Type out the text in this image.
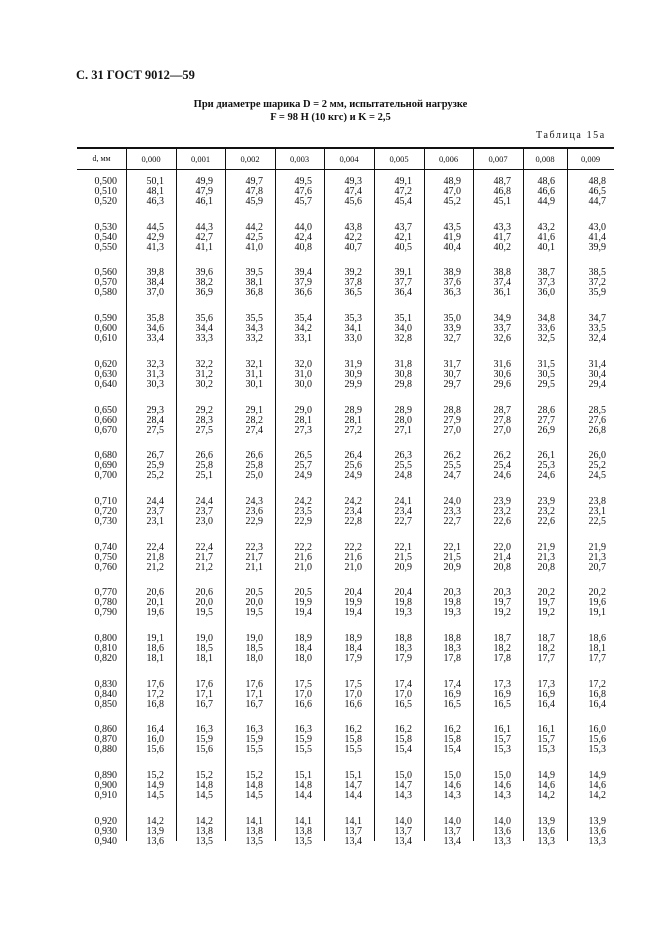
С. 31 ГОСТ 9012—59
При диаметре шарика D = 2 мм, испытательной нагрузке
F = 98 Н (10 кгс) и K = 2,5
Таблица 15а
d, мм	0,000	0,001	0,002	0,003	0,004	0,005	0,006	0,007	0,008	0,009
0,500	50,1	49,9	49,7	49,5	49,3	49,1	48,9	48,7	48,6	48,8
0,510	48,1	47,9	47,8	47,6	47,4	47,2	47,0	46,8	46,6	46,5
0,520	46,3	46,1	45,9	45,7	45,6	45,4	45,2	45,1	44,9	44,7
0,530	44,5	44,3	44,2	44,0	43,8	43,7	43,5	43,3	43,2	43,0
0,540	42,9	42,7	42,5	42,4	42,2	42,1	41,9	41,7	41,6	41,4
0,550	41,3	41,1	41,0	40,8	40,7	40,5	40,4	40,2	40,1	39,9
0,560	39,8	39,6	39,5	39,4	39,2	39,1	38,9	38,8	38,7	38,5
0,570	38,4	38,2	38,1	37,9	37,8	37,7	37,6	37,4	37,3	37,2
0,580	37,0	36,9	36,8	36,6	36,5	36,4	36,3	36,1	36,0	35,9
0,590	35,8	35,6	35,5	35,4	35,3	35,1	35,0	34,9	34,8	34,7
0,600	34,6	34,4	34,3	34,2	34,1	34,0	33,9	33,7	33,6	33,5
0,610	33,4	33,3	33,2	33,1	33,0	32,8	32,7	32,6	32,5	32,4
0,620	32,3	32,2	32,1	32,0	31,9	31,8	31,7	31,6	31,5	31,4
0,630	31,3	31,2	31,1	31,0	30,9	30,8	30,7	30,6	30,5	30,4
0,640	30,3	30,2	30,1	30,0	29,9	29,8	29,7	29,6	29,5	29,4
0,650	29,3	29,2	29,1	29,0	28,9	28,9	28,8	28,7	28,6	28,5
0,660	28,4	28,3	28,2	28,1	28,1	28,0	27,9	27,8	27,7	27,6
0,670	27,5	27,5	27,4	27,3	27,2	27,1	27,0	27,0	26,9	26,8
0,680	26,7	26,6	26,6	26,5	26,4	26,3	26,2	26,2	26,1	26,0
0,690	25,9	25,8	25,8	25,7	25,6	25,5	25,5	25,4	25,3	25,2
0,700	25,2	25,1	25,0	24,9	24,9	24,8	24,7	24,6	24,6	24,5
0,710	24,4	24,4	24,3	24,2	24,2	24,1	24,0	23,9	23,9	23,8
0,720	23,7	23,7	23,6	23,5	23,4	23,4	23,3	23,2	23,2	23,1
0,730	23,1	23,0	22,9	22,9	22,8	22,7	22,7	22,6	22,6	22,5
0,740	22,4	22,4	22,3	22,2	22,2	22,1	22,1	22,0	21,9	21,9
0,750	21,8	21,7	21,7	21,6	21,6	21,5	21,5	21,4	21,3	21,3
0,760	21,2	21,2	21,1	21,0	21,0	20,9	20,9	20,8	20,8	20,7
0,770	20,6	20,6	20,5	20,5	20,4	20,4	20,3	20,3	20,2	20,2
0,780	20,1	20,0	20,0	19,9	19,9	19,8	19,8	19,7	19,7	19,6
0,790	19,6	19,5	19,5	19,4	19,4	19,3	19,3	19,2	19,2	19,1
0,800	19,1	19,0	19,0	18,9	18,9	18,8	18,8	18,7	18,7	18,6
0,810	18,6	18,5	18,5	18,4	18,4	18,3	18,3	18,2	18,2	18,1
0,820	18,1	18,1	18,0	18,0	17,9	17,9	17,8	17,8	17,7	17,7
0,830	17,6	17,6	17,6	17,5	17,5	17,4	17,4	17,3	17,3	17,2
0,840	17,2	17,1	17,1	17,0	17,0	17,0	16,9	16,9	16,9	16,8
0,850	16,8	16,7	16,7	16,6	16,6	16,5	16,5	16,5	16,4	16,4
0,860	16,4	16,3	16,3	16,3	16,2	16,2	16,2	16,1	16,1	16,0
0,870	16,0	15,9	15,9	15,9	15,8	15,8	15,8	15,7	15,7	15,6
0,880	15,6	15,6	15,5	15,5	15,5	15,4	15,4	15,3	15,3	15,3
0,890	15,2	15,2	15,2	15,1	15,1	15,0	15,0	15,0	14,9	14,9
0,900	14,9	14,8	14,8	14,8	14,7	14,7	14,6	14,6	14,6	14,6
0,910	14,5	14,5	14,5	14,4	14,4	14,3	14,3	14,3	14,2	14,2
0,920	14,2	14,2	14,1	14,1	14,1	14,0	14,0	14,0	13,9	13,9
0,930	13,9	13,8	13,8	13,8	13,7	13,7	13,7	13,6	13,6	13,6
0,940	13,6	13,5	13,5	13,5	13,4	13,4	13,4	13,3	13,3	13,3
